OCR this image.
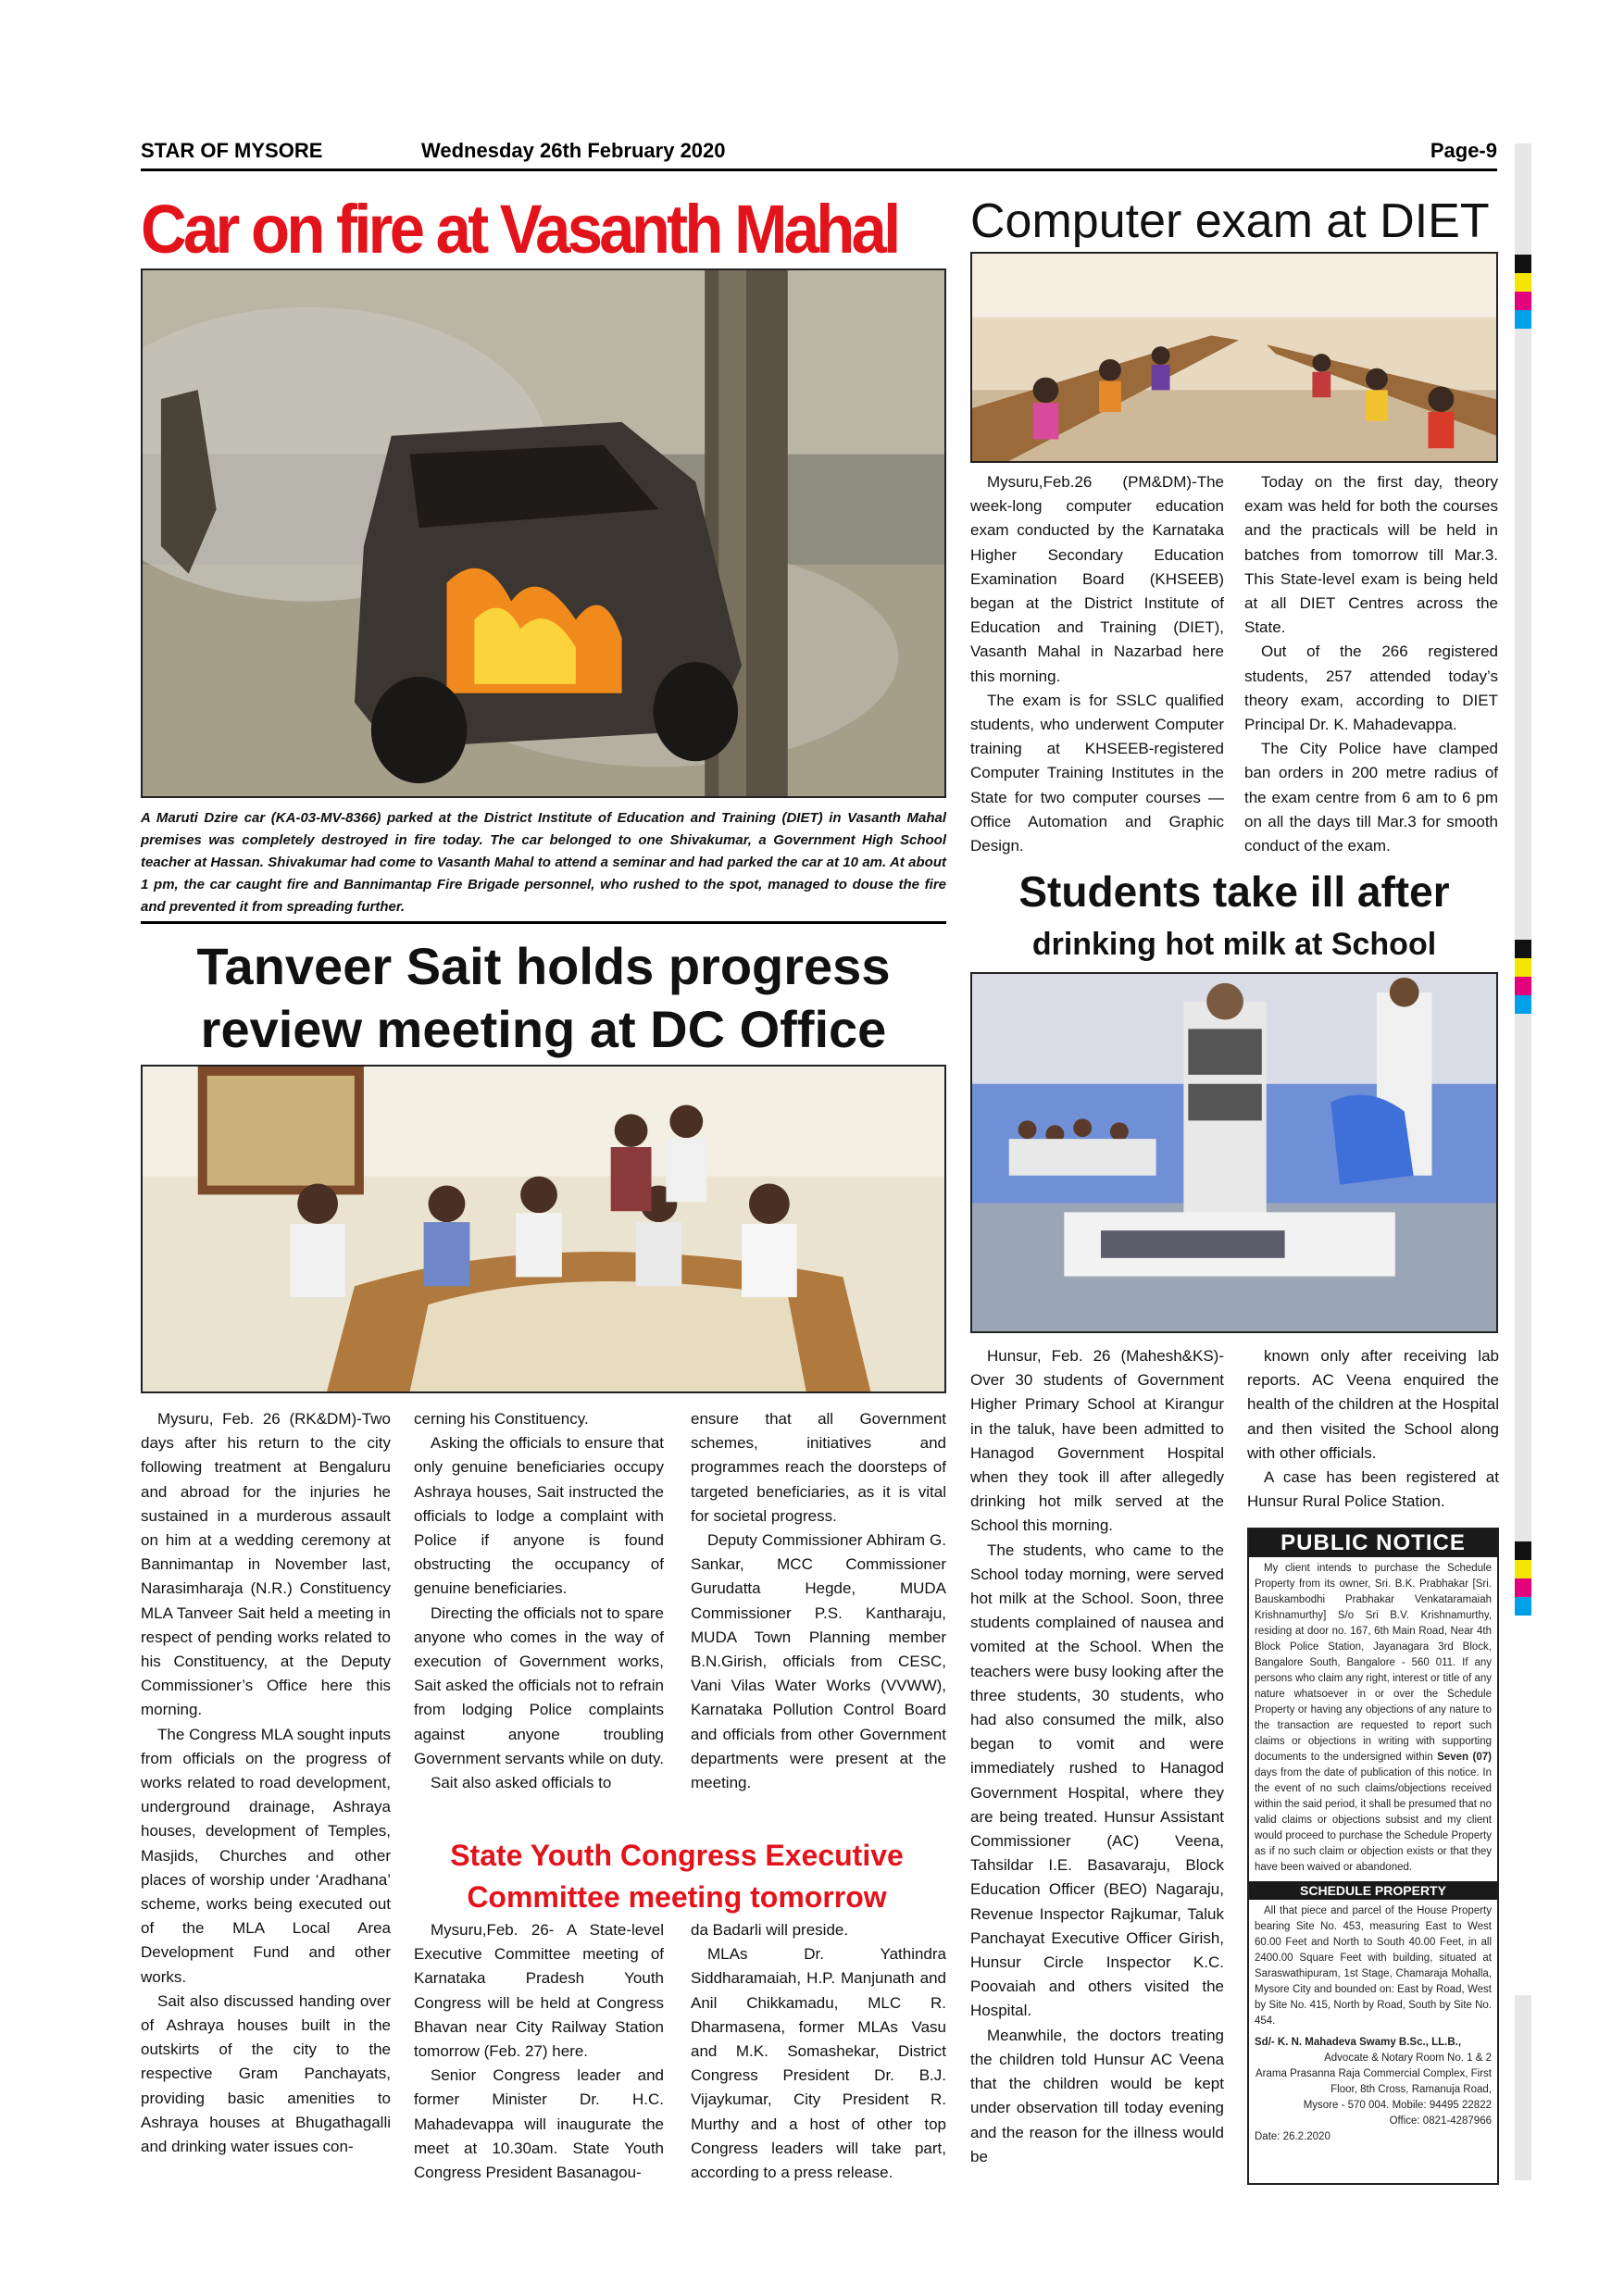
STAR OF MYSORE	Wednesday 26th February 2020	Page-9
Car on fire at Vasanth Mahal
A Maruti Dzire car (KA-03-MV-8366) parked at the District Institute of Education and Training (DIET) in Vasanth Mahal premises was completely destroyed in fire today. The car belonged to one Shivakumar, a Government High School teacher at Hassan. Shivakumar had come to Vasanth Mahal to attend a seminar and had parked the car at 10 am. At about 1 pm, the car caught fire and Bannimantap Fire Brigade personnel, who rushed to the spot, managed to douse the fire and prevented it from spreading further.
Computer exam at DIET

Mysuru,Feb.26 (PM&DM)-The week-long computer education exam conducted by the Karnataka Higher Secondary Education Examination Board (KHSEEB) began at the District Institute of Education and Training (DIET), Vasanth Mahal in Nazarbad here this morning.

The exam is for SSLC qualified students, who underwent Computer training at KHSEEB-registered Computer Training Institutes in the State for two computer courses — Office Automation and Graphic Design.

Today on the first day, theory exam was held for both the courses and the practicals will be held in batches from tomorrow till Mar.3. This State-level exam is being held at all DIET Centres across the State.

Out of the 266 registered students, 257 attended today’s theory exam, according to DIET Principal Dr. K. Mahadevappa.

The City Police have clamped ban orders in 200 metre radius of the exam centre from 6 am to 6 pm on all the days till Mar.3 for smooth conduct of the exam.

Students take ill after
drinking hot milk at School

Hunsur, Feb. 26 (Mahesh&KS)-Over 30 students of Government Higher Primary School at Kirangur in the taluk, have been admitted to Hanagod Government Hospital when they took ill after allegedly drinking hot milk served at the School this morning.

The students, who came to the School today morning, were served hot milk at the School. Soon, three students complained of nausea and vomited at the School. When the teachers were busy looking after the three students, 30 students, who had also consumed the milk, also began to vomit and were immediately rushed to Hanagod Government Hospital, where they are being treated. Hunsur Assistant Commissioner (AC) Veena, Tahsildar I.E. Basavaraju, Block Education Officer (BEO) Nagaraju, Revenue Inspector Rajkumar, Taluk Panchayat Executive Officer Girish, Hunsur Circle Inspector K.C. Poovaiah and others visited the Hospital.

Meanwhile, the doctors treating the children told Hunsur AC Veena that the children would be kept under observation till today evening and the reason for the illness would be

known only after receiving lab reports. AC Veena enquired the health of the children at the Hospital and then visited the School along with other officials.

A case has been registered at Hunsur Rural Police Station.

PUBLIC NOTICE

My client intends to purchase the Schedule Property from its owner, Sri. B.K. Prabhakar [Sri. Bauskambodhi Prabhakar Venkataramaiah Krishnamurthy] S/o Sri B.V. Krishnamurthy, residing at door no. 167, 6th Main Road, Near 4th Block Police Station, Jayanagara 3rd Block, Bangalore South, Bangalore - 560 011. If any persons who claim any right, interest or title of any nature whatsoever in or over the Schedule Property or having any objections of any nature to the transaction are requested to report such claims or objections in writing with supporting documents to the undersigned within Seven (07) days from the date of publication of this notice. In the event of no such claims/objections received within the said period, it shall be presumed that no valid claims or objections subsist and my client would proceed to purchase the Schedule Property as if no such claim or objection exists or that they have been waived or abandoned.

SCHEDULE PROPERTY

All that piece and parcel of the House Property bearing Site No. 453, measuring East to West 60.00 Feet and North to South 40.00 Feet, in all 2400.00 Square Feet with building, situated at Saraswathipuram, 1st Stage, Chamaraja Mohalla, Mysore City and bounded on: East by Road, West by Site No. 415, North by Road, South by Site No. 454.

Sd/- K. N. Mahadeva Swamy B.Sc., LL.B.,

Advocate & Notary Room No. 1 & 2

Arama Prasanna Raja Commercial Complex, First Floor, 8th Cross, Ramanuja Road,

Mysore - 570 004. Mobile: 94495 22822

Office: 0821-4287966

Date: 26.2.2020

Tanveer Sait holds progress review meeting at DC Office

Mysuru, Feb. 26 (RK&DM)-Two days after his return to the city following treatment at Bengaluru and abroad for the injuries he sustained in a murderous assault on him at a wedding ceremony at Bannimantap in November last, Narasimharaja (N.R.) Constituency MLA Tanveer Sait held a meeting in respect of pending works related to his Constituency, at the Deputy Commissioner’s Office here this morning.

The Congress MLA sought inputs from officials on the progress of works related to road development, underground drainage, Ashraya houses, development of Temples, Masjids, Churches and other places of worship under ‘Aradhana’ scheme, works being executed out of the MLA Local Area Development Fund and other works.

Sait also discussed handing over of Ashraya houses built in the outskirts of the city to the respective Gram Panchayats, providing basic amenities to Ashraya houses at Bhugathagalli and drinking water issues con-

cerning his Constituency.

Asking the officials to ensure that only genuine beneficiaries occupy Ashraya houses, Sait instructed the officials to lodge a complaint with Police if anyone is found obstructing the occupancy of genuine beneficiaries.

Directing the officials not to spare anyone who comes in the way of execution of Government works, Sait asked the officials not to refrain from lodging Police complaints against anyone troubling Government servants while on duty.

Sait also asked officials to

ensure that all Government schemes, initiatives and programmes reach the doorsteps of targeted beneficiaries, as it is vital for societal progress.

Deputy Commissioner Abhiram G. Sankar, MCC Commissioner Gurudatta Hegde, MUDA Commissioner P.S. Kantharaju, MUDA Town Planning member B.N.Girish, officials from CESC, Vani Vilas Water Works (VVWW), Karnataka Pollution Control Board and officials from other Government departments were present at the meeting.

State Youth Congress Executive Committee meeting tomorrow

Mysuru,Feb. 26- A State-level Executive Committee meeting of Karnataka Pradesh Youth Congress will be held at Congress Bhavan near City Railway Station tomorrow (Feb. 27) here.

Senior Congress leader and former Minister Dr. H.C. Mahadevappa will inaugurate the meet at 10.30am. State Youth Congress President Basanagou-

da Badarli will preside.

MLAs Dr. Yathindra Siddharamaiah, H.P. Manjunath and Anil Chikkamadu, MLC R. Dharmasena, former MLAs Vasu and M.K. Somashekar, District Congress President Dr. B.J. Vijaykumar, City President R. Murthy and a host of other top Congress leaders will take part, according to a press release.
